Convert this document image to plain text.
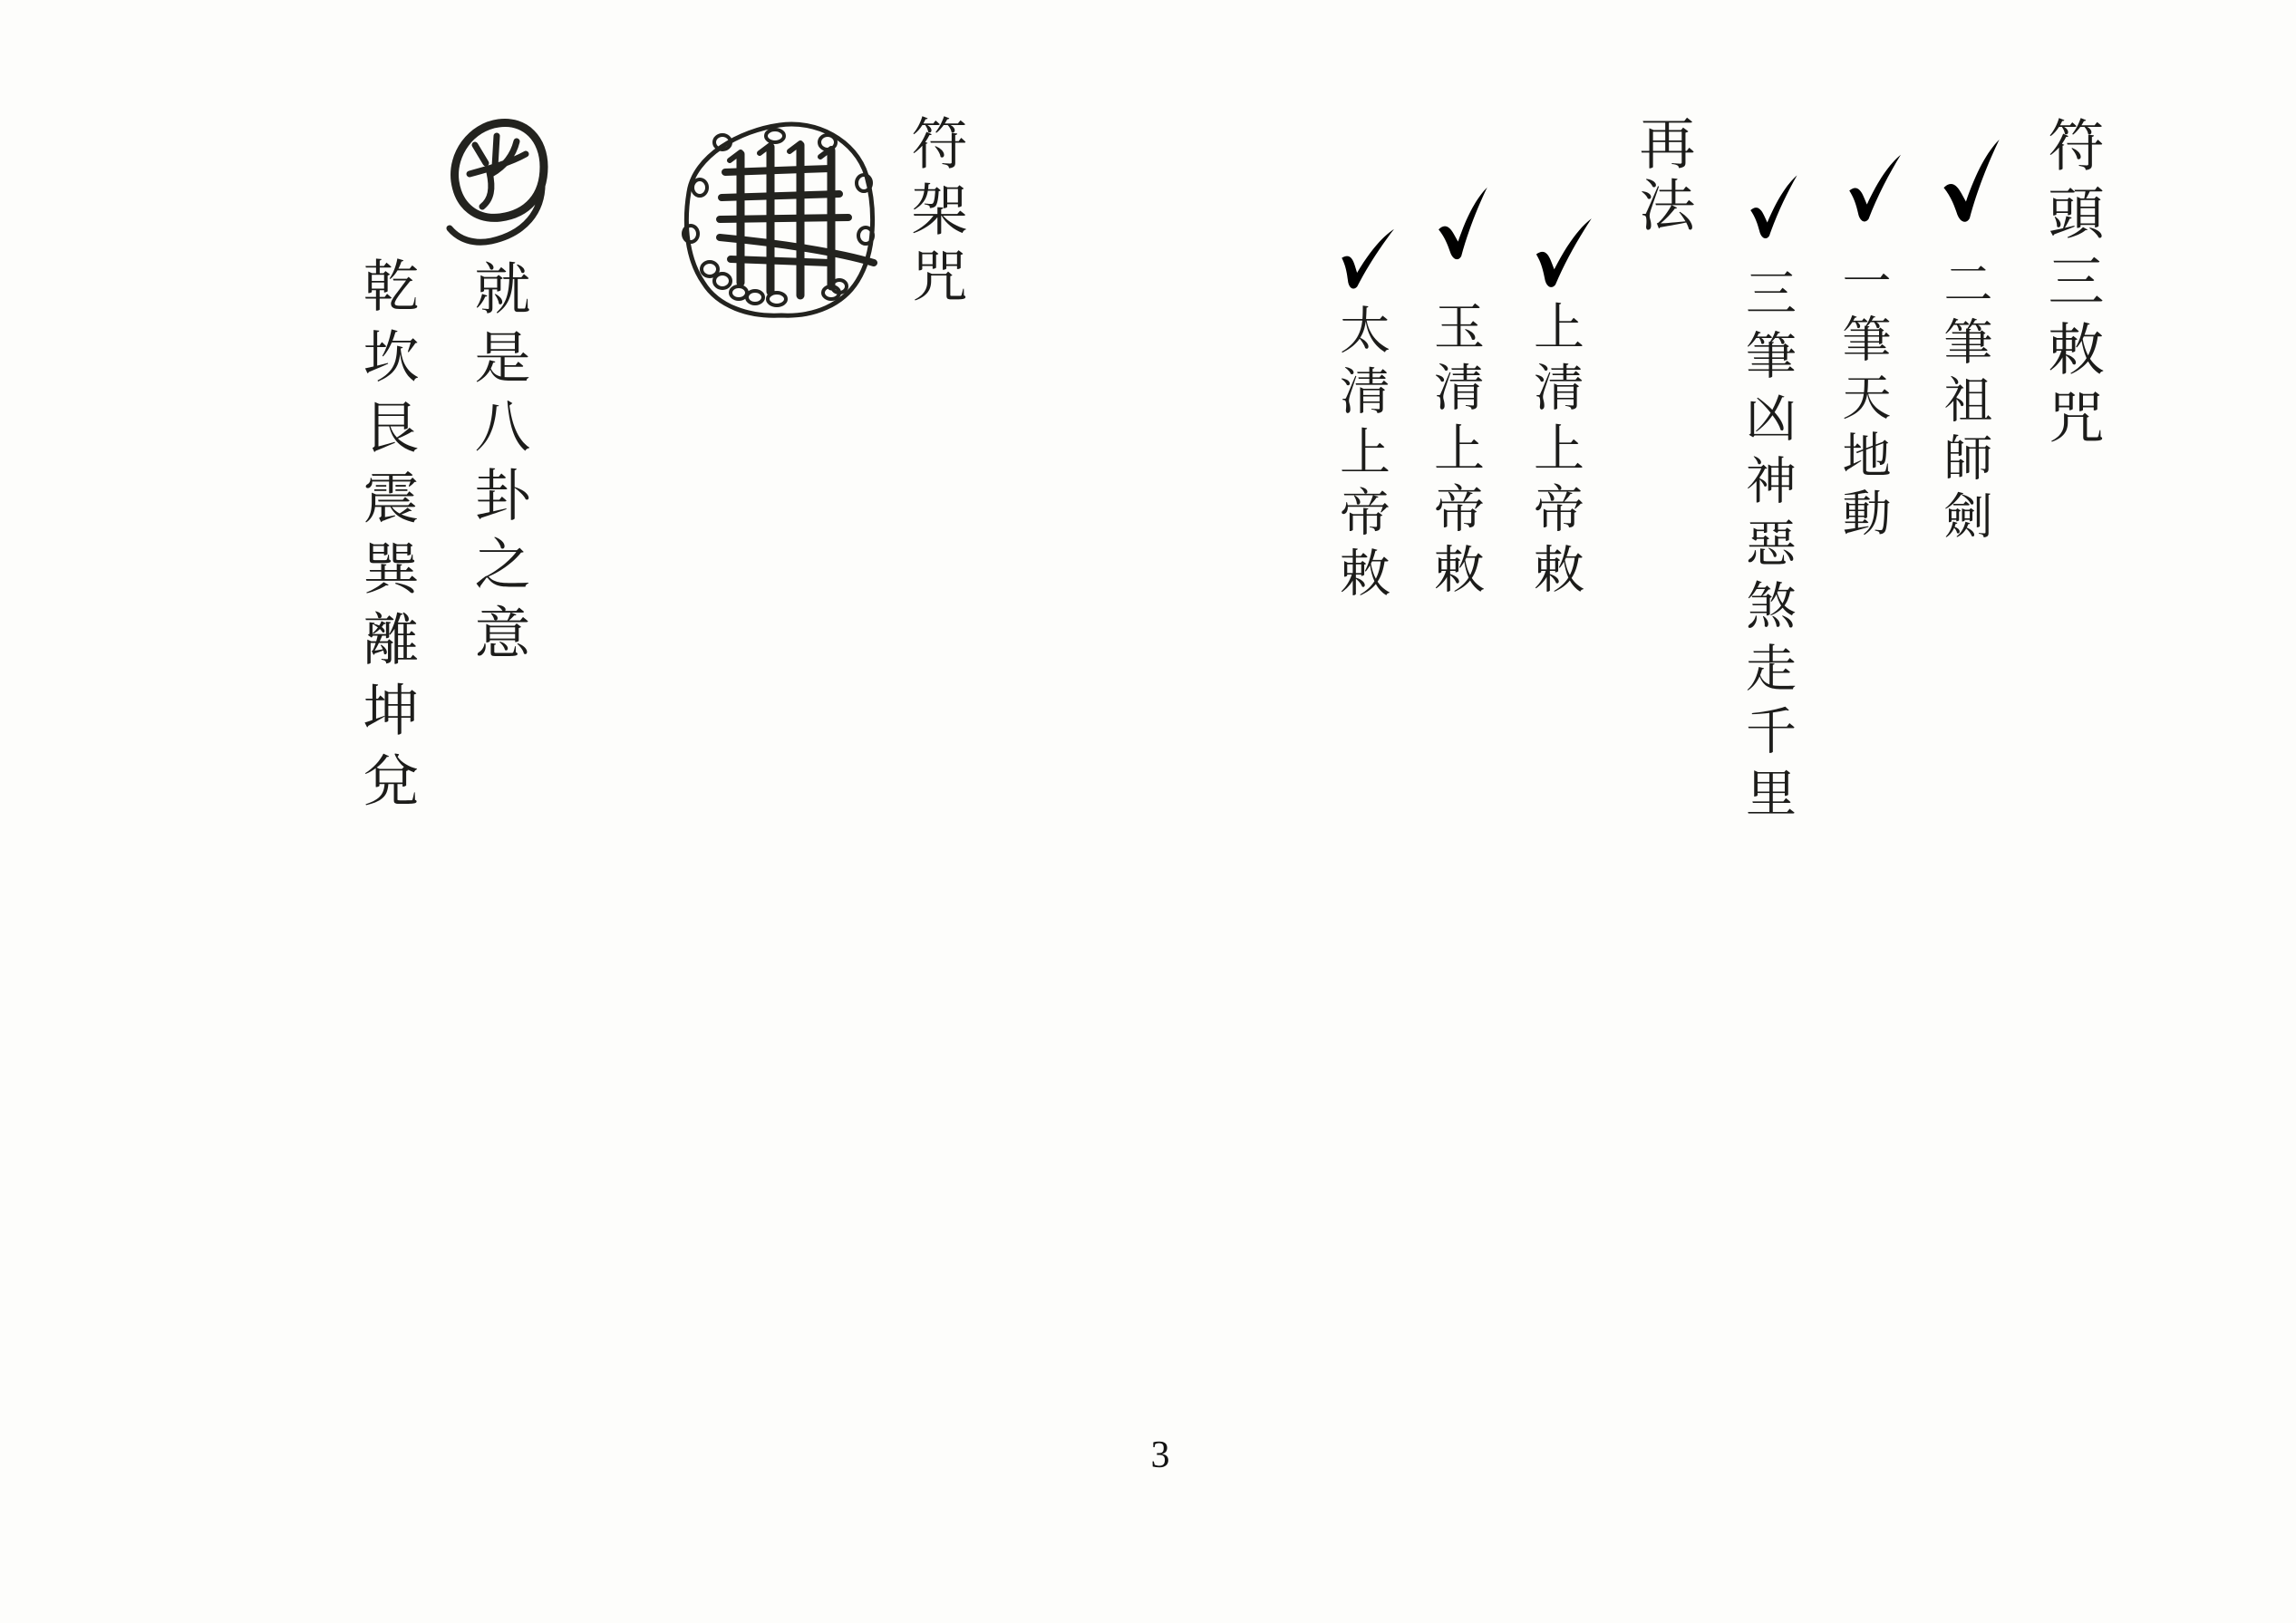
符頭三敕咒
二筆祖師劍
一筆天地動
三筆凶神惡煞走千里
再法
上清上帝敕
玉清上帝敕
太清上帝敕
符架咒
就是八卦之意
乾坎艮震巽離坤兌
3
